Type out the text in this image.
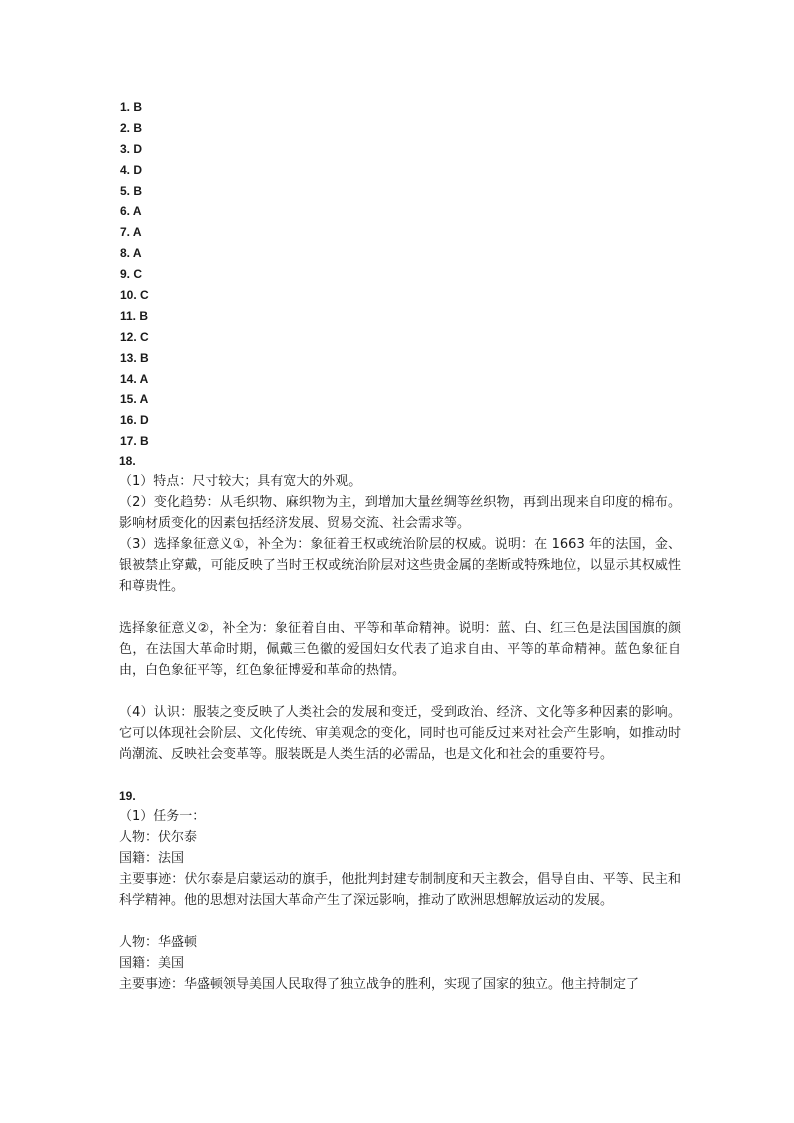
1. B
2. B
3. D
4. D
5. B
6. A
7. A
8. A
9. C
10. C
11. B
12. C
13. B
14. A
15. A
16. D
17. B
18.

（1）特点：尺寸较大；具有宽大的外观。

（2）变化趋势：从毛织物、麻织物为主，到增加大量丝绸等丝织物，再到出现来自印度的棉布。影响材质变化的因素包括经济发展、贸易交流、社会需求等。

（3）选择象征意义①，补全为：象征着王权或统治阶层的权威。说明：在 1663 年的法国，金、银被禁止穿戴，可能反映了当时王权或统治阶层对这些贵金属的垄断或特殊地位，以显示其权威性和尊贵性。

选择象征意义②，补全为：象征着自由、平等和革命精神。说明：蓝、白、红三色是法国国旗的颜色，在法国大革命时期，佩戴三色徽的爱国妇女代表了追求自由、平等的革命精神。蓝色象征自由，白色象征平等，红色象征博爱和革命的热情。

（4）认识：服装之变反映了人类社会的发展和变迁，受到政治、经济、文化等多种因素的影响。它可以体现社会阶层、文化传统、审美观念的变化，同时也可能反过来对社会产生影响，如推动时尚潮流、反映社会变革等。服装既是人类生活的必需品，也是文化和社会的重要符号。

19.

（1）任务一：

人物：伏尔泰

国籍：法国

主要事迹：伏尔泰是启蒙运动的旗手，他批判封建专制制度和天主教会，倡导自由、平等、民主和科学精神。他的思想对法国大革命产生了深远影响，推动了欧洲思想解放运动的发展。

人物：华盛顿

国籍：美国

主要事迹：华盛顿领导美国人民取得了独立战争的胜利，实现了国家的独立。他主持制定了
